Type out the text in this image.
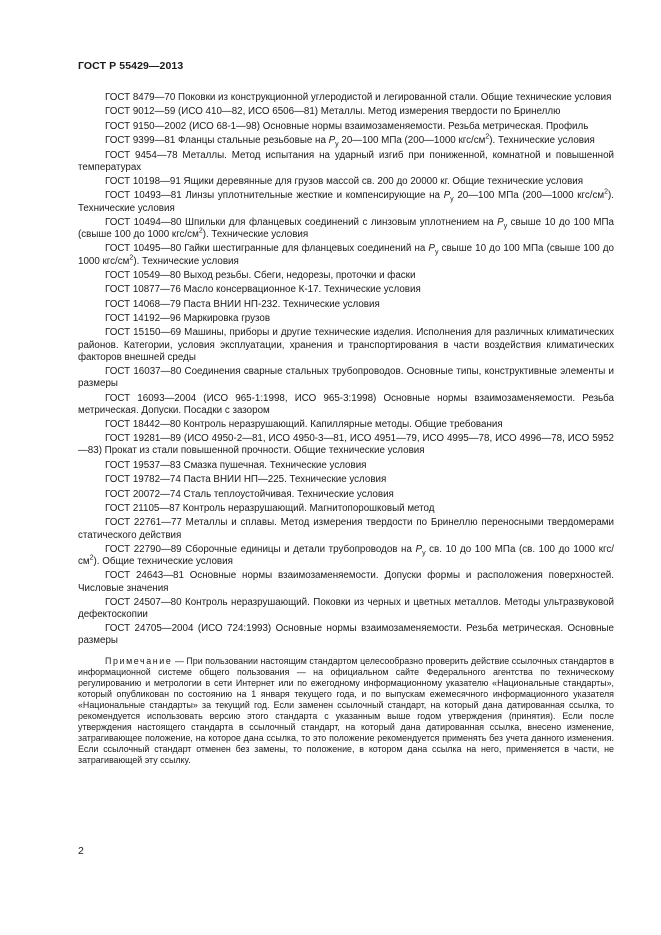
ГОСТ Р 55429—2013
ГОСТ 8479—70 Поковки из конструкционной углеродистой и легированной стали. Общие технические условия
ГОСТ 9012—59 (ИСО 410—82, ИСО 6506—81) Металлы. Метод измерения твердости по Бринеллю
ГОСТ 9150—2002 (ИСО 68-1—98) Основные нормы взаимозаменяемости. Резьба метрическая. Профиль
ГОСТ 9399—81 Фланцы стальные резьбовые на $P_у$ 20—100 МПа (200—1000 кгс/$см^2$). Технические условия
ГОСТ 9454—78 Металлы. Метод испытания на ударный изгиб при пониженной, комнатной и повышенной температурах
ГОСТ 10198—91 Ящики деревянные для грузов массой св. 200 до 20000 кг. Общие технические условия
ГОСТ 10493—81 Линзы уплотнительные жесткие и компенсирующие на $P_у$ 20—100 МПа (200—1000 кгс/$см^2$). Технические условия
ГОСТ 10494—80 Шпильки для фланцевых соединений с линзовым уплотнением на $P_у$ свыше 10 до 100 МПа (свыше 100 до 1000 кгс/$см^2$). Технические условия
ГОСТ 10495—80 Гайки шестигранные для фланцевых соединений на $P_у$ свыше 10 до 100 МПа (свыше 100 до 1000 кгс/$см^2$). Технические условия
ГОСТ 10549—80 Выход резьбы. Сбеги, недорезы, проточки и фаски
ГОСТ 10877—76 Масло консервационное К-17. Технические условия
ГОСТ 14068—79 Паста ВНИИ НП-232. Технические условия
ГОСТ 14192—96 Маркировка грузов
ГОСТ 15150—69 Машины, приборы и другие технические изделия. Исполнения для различных климатических районов. Категории, условия эксплуатации, хранения и транспортирования в части воздействия климатических факторов внешней среды
ГОСТ 16037—80 Соединения сварные стальных трубопроводов. Основные типы, конструктивные элементы и размеры
ГОСТ 16093—2004 (ИСО 965-1:1998, ИСО 965-3:1998) Основные нормы взаимозаменяемости. Резьба метрическая. Допуски. Посадки с зазором
ГОСТ 18442—80 Контроль неразрушающий. Капиллярные методы. Общие требования
ГОСТ 19281—89 (ИСО 4950-2—81, ИСО 4950-3—81, ИСО 4951—79, ИСО 4995—78, ИСО 4996—78, ИСО 5952—83) Прокат из стали повышенной прочности. Общие технические условия
ГОСТ 19537—83 Смазка пушечная. Технические условия
ГОСТ 19782—74 Паста ВНИИ НП—225. Технические условия
ГОСТ 20072—74 Сталь теплоустойчивая. Технические условия
ГОСТ 21105—87 Контроль неразрушающий. Магнитопорошковый метод
ГОСТ 22761—77 Металлы и сплавы. Метод измерения твердости по Бринеллю переносными твердомерами статического действия
ГОСТ 22790—89 Сборочные единицы и детали трубопроводов на $P_у$ св. 10 до 100 МПа (св. 100 до 1000 кгс/$см^2$). Общие технические условия
ГОСТ 24643—81 Основные нормы взаимозаменяемости. Допуски формы и расположения поверхностей. Числовые значения
ГОСТ 24507—80 Контроль неразрушающий. Поковки из черных и цветных металлов. Методы ультразвуковой дефектоскопии
ГОСТ 24705—2004 (ИСО 724:1993) Основные нормы взаимозаменяемости. Резьба метрическая. Основные размеры
Примечание — При пользовании настоящим стандартом целесообразно проверить действие ссылочных стандартов в информационной системе общего пользования — на официальном сайте Федерального агентства по техническому регулированию и метрологии в сети Интернет или по ежегодному информационному указателю «Национальные стандарты», который опубликован по состоянию на 1 января текущего года, и по выпускам ежемесячного информационного указателя «Национальные стандарты» за текущий год. Если заменен ссылочный стандарт, на который дана датированная ссылка, то рекомендуется использовать версию этого стандарта с указанным выше годом утверждения (принятия). Если после утверждения настоящего стандарта в ссылочный стандарт, на который дана датированная ссылка, внесено изменение, затрагивающее положение, на которое дана ссылка, то это положение рекомендуется применять без учета данного изменения. Если ссылочный стандарт отменен без замены, то положение, в котором дана ссылка на него, применяется в части, не затрагивающей эту ссылку.
2
